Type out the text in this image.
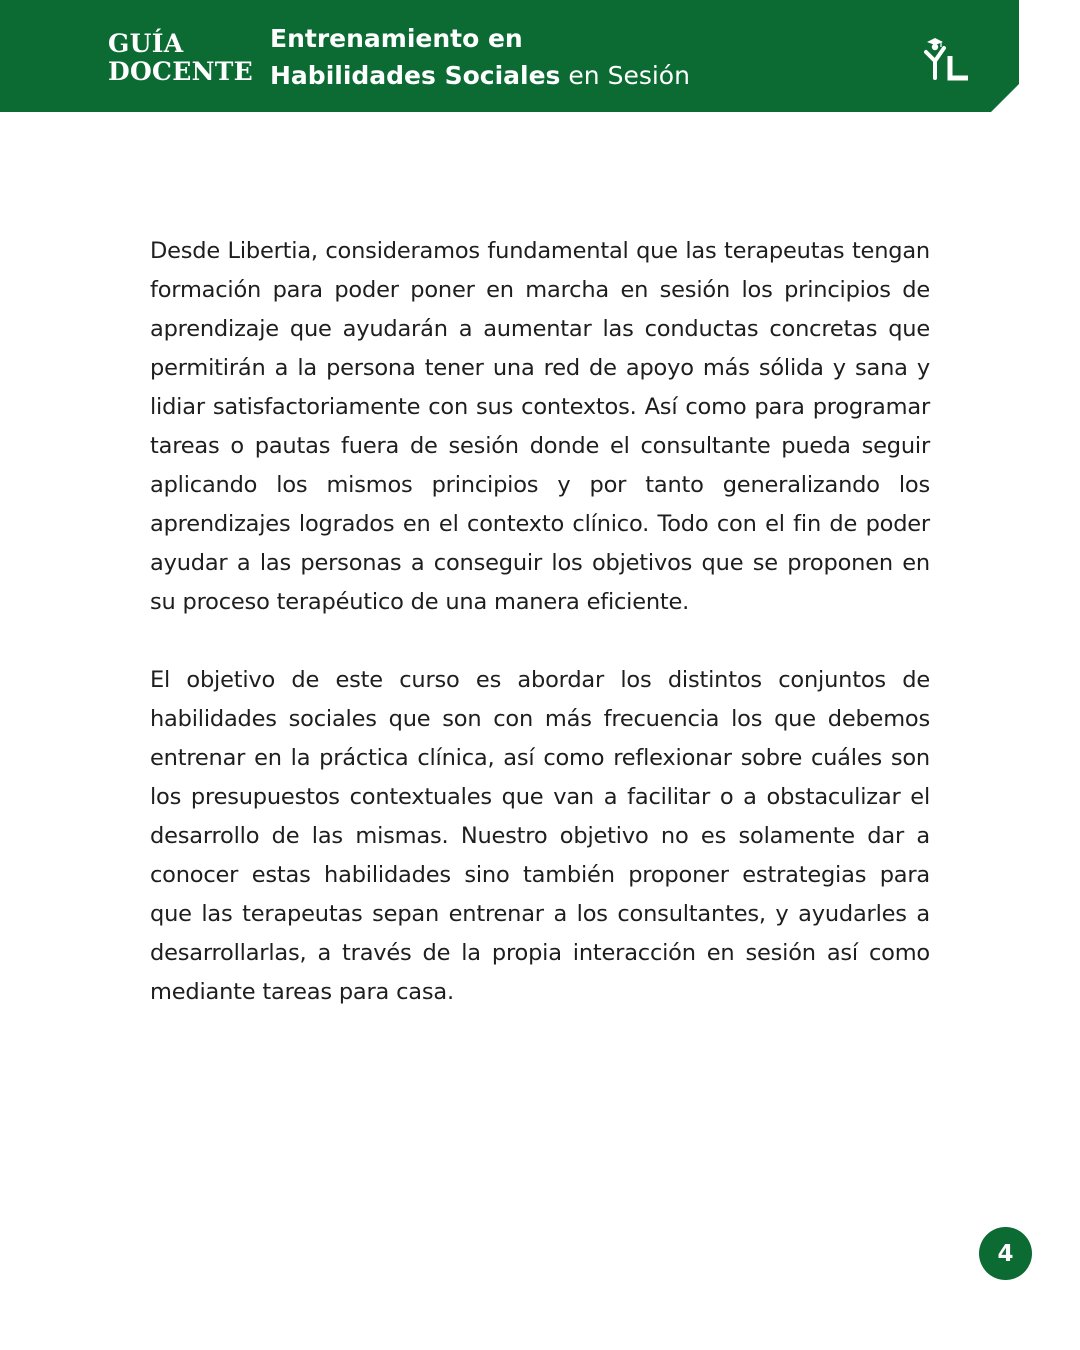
GUÍA
DOCENTE
Entrenamiento en
Habilidades Sociales en Sesión

Desde Libertia, consideramos fundamental que las terapeutas tengan formación para poder poner en marcha en sesión los principios de aprendizaje que ayudarán a aumentar las conductas concretas que permitirán a la persona tener una red de apoyo más sólida y sana y lidiar satisfactoriamente con sus contextos. Así como para programar tareas o pautas fuera de sesión donde el consultante pueda seguir aplicando los mismos principios y por tanto generalizando los aprendizajes logrados en el contexto clínico. Todo con el fin de poder ayudar a las personas a conseguir los objetivos que se proponen en su proceso terapéutico de una manera eficiente.

El objetivo de este curso es abordar los distintos conjuntos de habilidades sociales que son con más frecuencia los que debemos entrenar en la práctica clínica, así como reflexionar sobre cuáles son los presupuestos contextuales que van a facilitar o a obstaculizar el desarrollo de las mismas. Nuestro objetivo no es solamente dar a conocer estas habilidades sino también proponer estrategias para que las terapeutas sepan entrenar a los consultantes, y ayudarles a desarrollarlas, a través de la propia interacción en sesión así como mediante tareas para casa.

4
